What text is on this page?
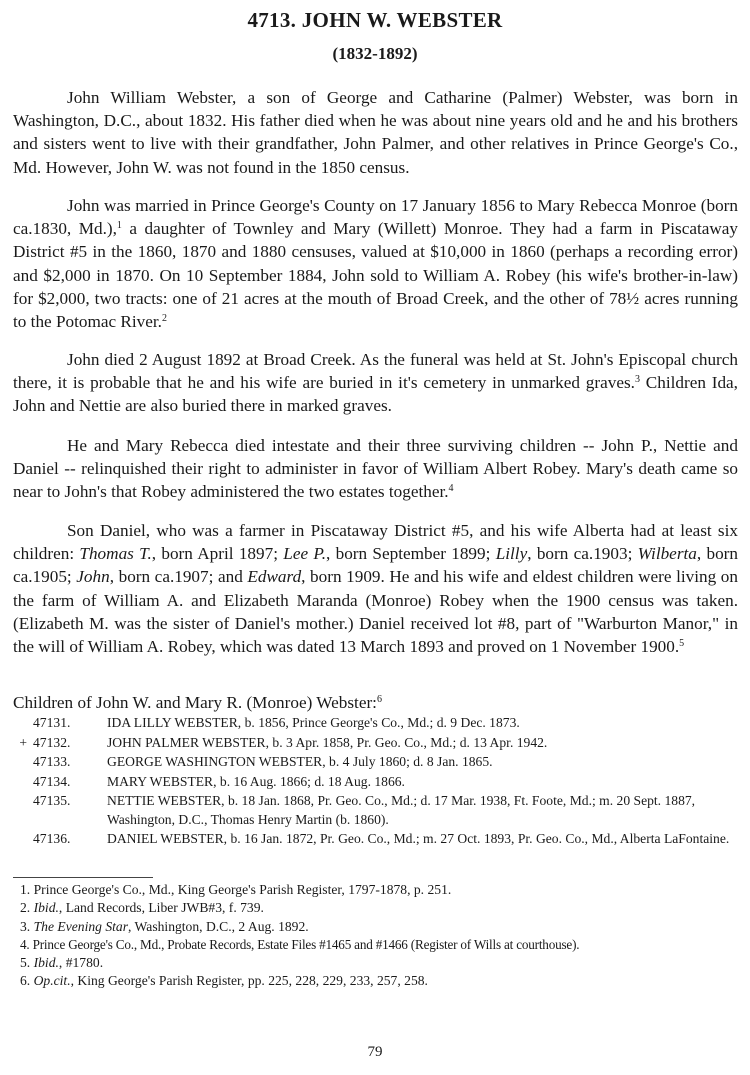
4713. JOHN W. WEBSTER
(1832-1892)

John William Webster, a son of George and Catharine (Palmer) Webster, was born in Washington, D.C., about 1832. His father died when he was about nine years old and he and his brothers and sisters went to live with their grandfather, John Palmer, and other relatives in Prince George's Co., Md. However, John W. was not found in the 1850 census.

John was married in Prince George's County on 17 January 1856 to Mary Rebecca Monroe (born ca.1830, Md.),$^1$ a daughter of Townley and Mary (Willett) Monroe. They had a farm in Piscataway District #5 in the 1860, 1870 and 1880 censuses, valued at $10,000 in 1860 (perhaps a recording error) and $2,000 in 1870. On 10 September 1884, John sold to William A. Robey (his wife's brother-in-law) for $2,000, two tracts: one of 21 acres at the mouth of Broad Creek, and the other of 78½ acres running to the Potomac River.$^2$

John died 2 August 1892 at Broad Creek. As the funeral was held at St. John's Episcopal church there, it is probable that he and his wife are buried in it's cemetery in unmarked graves.$^3$ Children Ida, John and Nettie are also buried there in marked graves.

He and Mary Rebecca died intestate and their three surviving children -- John P., Nettie and Daniel -- relinquished their right to administer in favor of William Albert Robey. Mary's death came so near to John's that Robey administered the two estates together.$^4$

Son Daniel, who was a farmer in Piscataway District #5, and his wife Alberta had at least six children: Thomas T., born April 1897; Lee P., born September 1899; Lilly, born ca.1903; Wilberta, born ca.1905; John, born ca.1907; and Edward, born 1909. He and his wife and eldest children were living on the farm of William A. and Elizabeth Maranda (Monroe) Robey when the 1900 census was taken. (Elizabeth M. was the sister of Daniel's mother.) Daniel received lot #8, part of "Warburton Manor," in the will of William A. Robey, which was dated 13 March 1893 and proved on 1 November 1900.$^5$

Children of John W. and Mary R. (Monroe) Webster:$^6$
47131.	IDA LILLY WEBSTER, b. 1856, Prince George's Co., Md.; d. 9 Dec. 1873.
+ 47132.	JOHN PALMER WEBSTER, b. 3 Apr. 1858, Pr. Geo. Co., Md.; d. 13 Apr. 1942.
47133.	GEORGE WASHINGTON WEBSTER, b. 4 July 1860; d. 8 Jan. 1865.
47134.	MARY WEBSTER, b. 16 Aug. 1866; d. 18 Aug. 1866.
47135.	NETTIE WEBSTER, b. 18 Jan. 1868, Pr. Geo. Co., Md.; d. 17 Mar. 1938, Ft. Foote, Md.; m. 20 Sept. 1887, Washington, D.C., Thomas Henry Martin (b. 1860).
47136.	DANIEL WEBSTER, b. 16 Jan. 1872, Pr. Geo. Co., Md.; m. 27 Oct. 1893, Pr. Geo. Co., Md., Alberta LaFontaine.
1. Prince George's Co., Md., King George's Parish Register, 1797-1878, p. 251.
2. Ibid., Land Records, Liber JWB#3, f. 739.
3. The Evening Star, Washington, D.C., 2 Aug. 1892.
4. Prince George's Co., Md., Probate Records, Estate Files #1465 and #1466 (Register of Wills at courthouse).
5. Ibid., #1780.
6. Op.cit., King George's Parish Register, pp. 225, 228, 229, 233, 257, 258.
79
